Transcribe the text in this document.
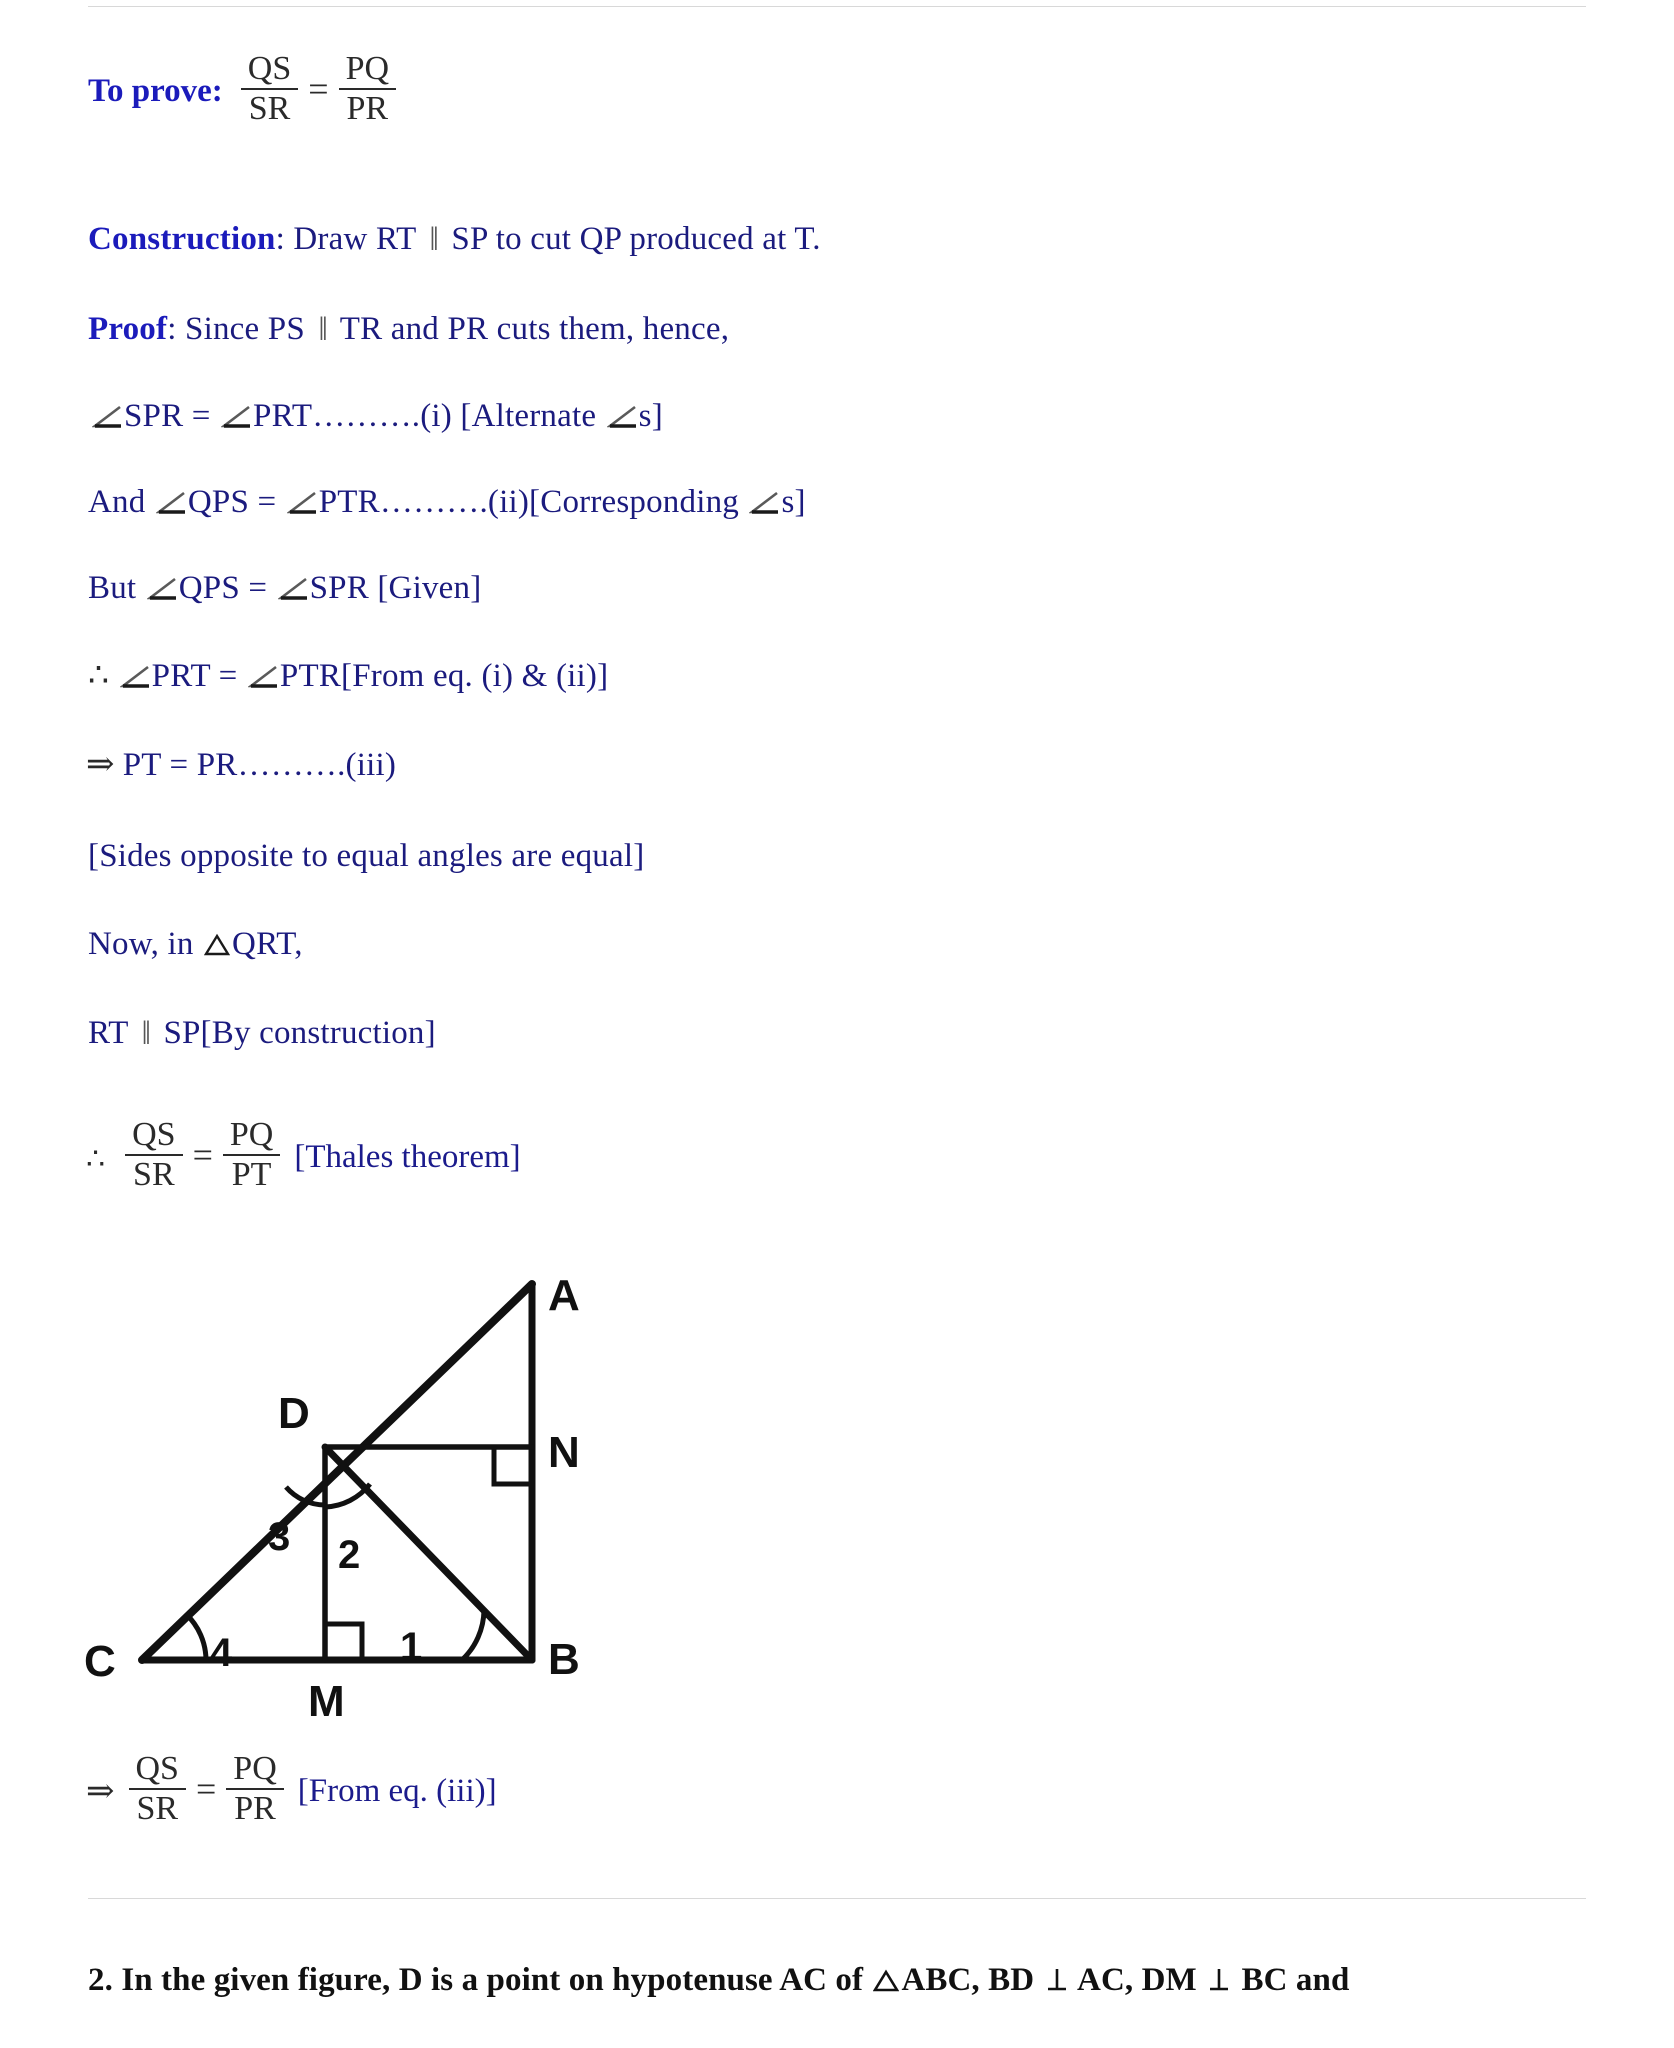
To prove: $\frac{QS}{SR} = \frac{PQ}{PR}$
Construction: Draw RT ‖ SP to cut QP produced at T.
Proof: Since PS ‖ TR and PR cuts them, hence,
SPR =
PRT……….(i) [Alternate
s]
And
QPS =
PTR……….(ii)[Corresponding
s]
But
QPS =
SPR [Given]
∴
PRT =
PTR[From eq. (i) & (ii)]
⇒ PT = PR……….(iii)
[Sides opposite to equal angles are equal]
Now, in QRT,
RT ‖ SP[By construction]
∴ $\frac{QS}{SR} = \frac{PQ}{PT}$ [Thales theorem]
A
N
B
D
C
M
3 2
1
4
⇒ $\frac{QS}{SR} = \frac{PQ}{PR}$ [From eq. (iii)]
2. In the given figure, D is a point on hypotenuse AC of ABC, BD  AC, DM  BC and
